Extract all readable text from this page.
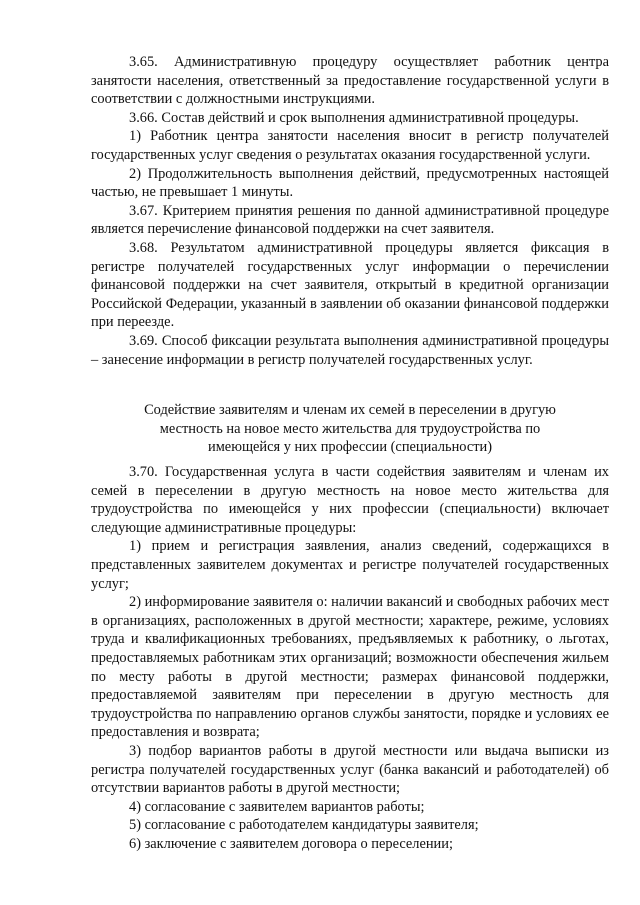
3.65. Административную процедуру осуществляет работник центра занятости населения, ответственный за предоставление государственной услуги в соответствии с должностными инструкциями.

3.66. Состав действий и срок выполнения административной процедуры.

1) Работник центра занятости населения вносит в регистр получателей государственных услуг сведения о результатах оказания государственной услуги.

2) Продолжительность выполнения действий, предусмотренных настоящей частью, не превышает 1 минуты.

3.67. Критерием принятия решения по данной административной процедуре является перечисление финансовой поддержки на счет заявителя.

3.68. Результатом административной процедуры является фиксация в регистре получателей государственных услуг информации о перечислении финансовой поддержки на счет заявителя, открытый в кредитной организации Российской Федерации, указанный в заявлении об оказании финансовой поддержки при переезде.

3.69. Способ фиксации результата выполнения административной процедуры – занесение информации в регистр получателей государственных услуг.

Содействие заявителям и членам их семей в переселении в другую местность на новое место жительства для трудоустройства по имеющейся у них профессии (специальности)

3.70. Государственная услуга в части содействия заявителям и членам их семей в переселении в другую местность на новое место жительства для трудоустройства по имеющейся у них профессии (специальности) включает следующие административные процедуры:

1) прием и регистрация заявления, анализ сведений, содержащихся в представленных заявителем документах и регистре получателей государственных услуг;

2) информирование заявителя о: наличии вакансий и свободных рабочих мест в организациях, расположенных в другой местности; характере, режиме, условиях труда и квалификационных требованиях, предъявляемых к работнику, о льготах, предоставляемых работникам этих организаций; возможности обеспечения жильем по месту работы в другой местности; размерах финансовой поддержки, предоставляемой заявителям при переселении в другую местность для трудоустройства по направлению органов службы занятости, порядке и условиях ее предоставления и возврата;

3) подбор вариантов работы в другой местности или выдача выписки из регистра получателей государственных услуг (банка вакансий и работодателей) об отсутствии вариантов работы в другой местности;

4) согласование с заявителем вариантов работы;

5) согласование с работодателем кандидатуры заявителя;

6) заключение с заявителем договора о переселении;
